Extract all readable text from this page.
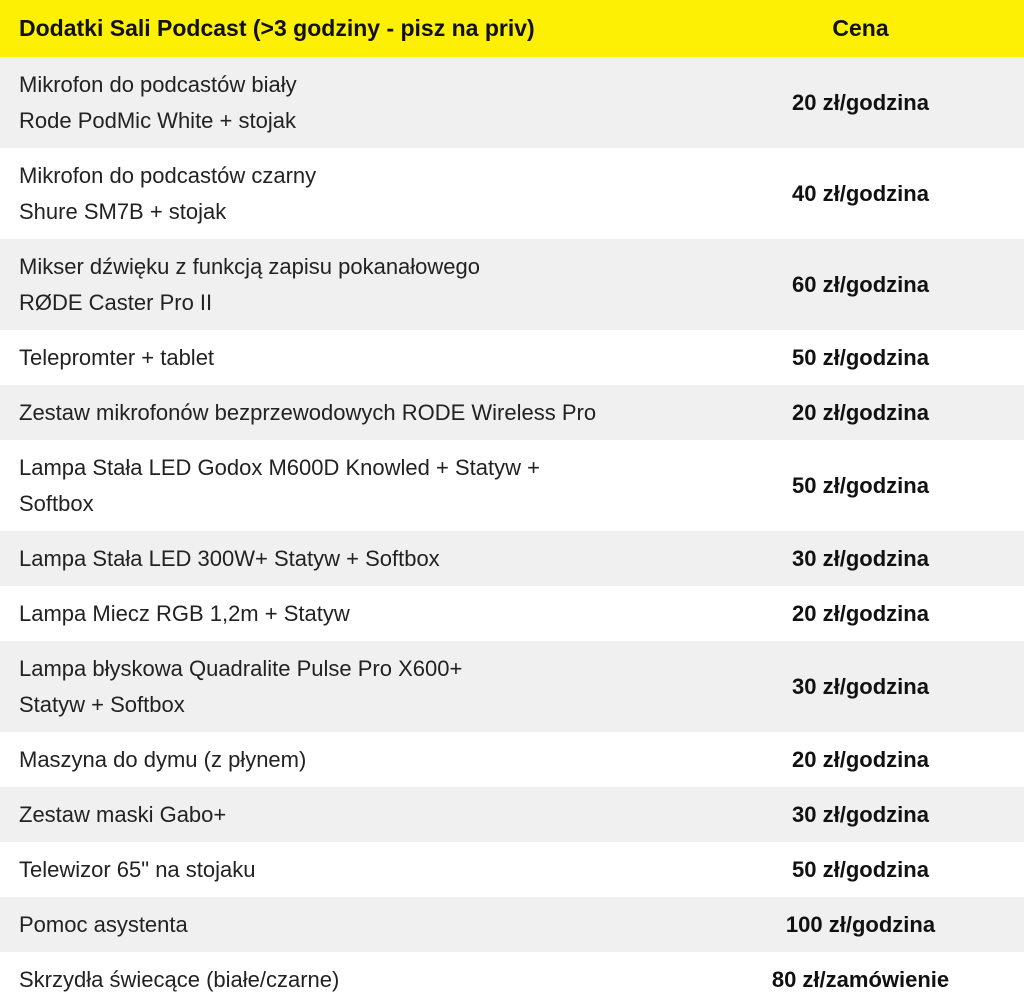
Dodatki Sali Podcast (>3 godziny - pisz na priv)	Cena

Mikrofon do podcastów biały
Rode PodMic White + stojak	20 zł/godzina

Mikrofon do podcastów czarny
Shure SM7B + stojak	40 zł/godzina

Mikser dźwięku z funkcją zapisu pokanałowego
RØDE Caster Pro II	60 zł/godzina
Telepromter + tablet	50 zł/godzina
Zestaw mikrofonów bezprzewodowych RODE Wireless Pro	20 zł/godzina

Lampa Stała LED Godox M600D Knowled + Statyw +
Softbox	50 zł/godzina
Lampa Stała LED 300W+ Statyw + Softbox	30 zł/godzina
Lampa Miecz RGB 1,2m + Statyw	20 zł/godzina

Lampa błyskowa Quadralite Pulse Pro X600+
Statyw + Softbox	30 zł/godzina
Maszyna do dymu (z płynem)	20 zł/godzina
Zestaw maski Gabo+	30 zł/godzina
Telewizor 65" na stojaku	50 zł/godzina
Pomoc asystenta	100 zł/godzina
Skrzydła świecące (białe/czarne)	80 zł/zamówienie
